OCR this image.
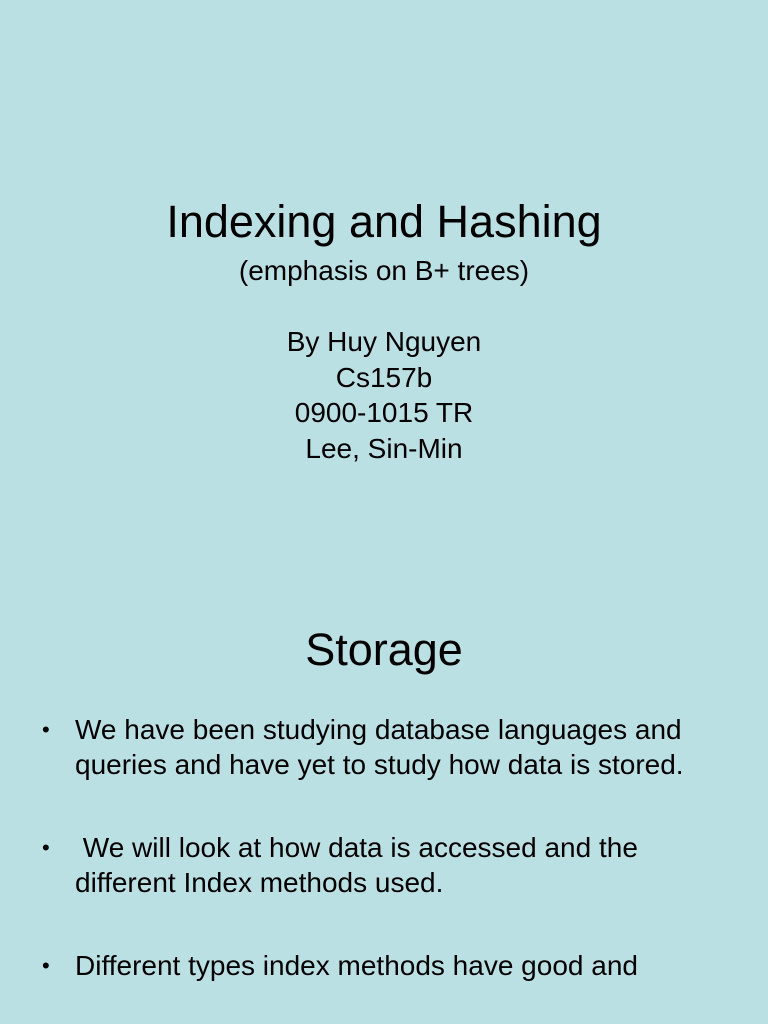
Indexing and Hashing

(emphasis on B+ trees)

By Huy Nguyen
Cs157b
0900-1015 TR
Lee, Sin-Min
Storage
• We have been studying database languages and queries and have yet to study how data is stored.
• We will look at how data is accessed and the different Index methods used.
• Different types index methods have good and
